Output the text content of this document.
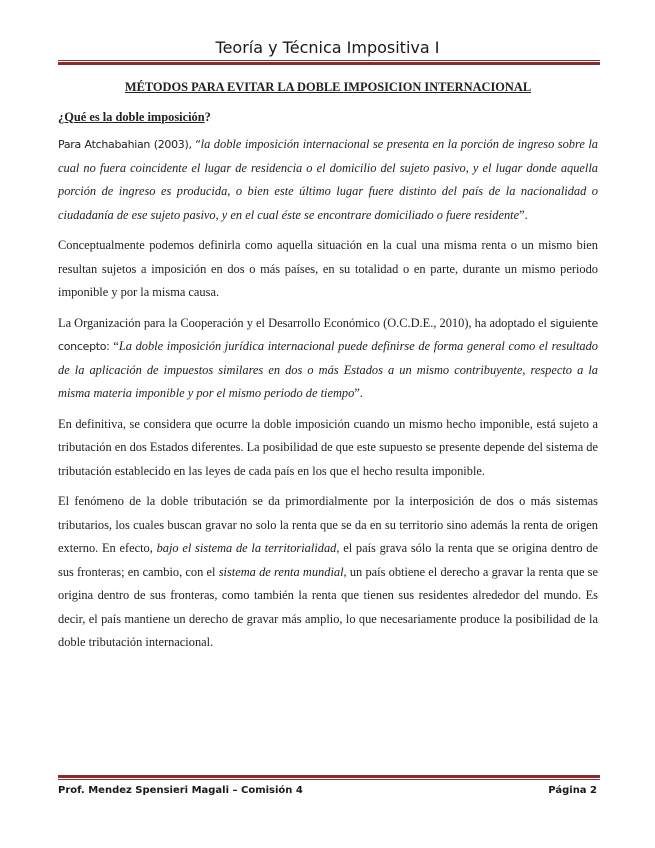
Teoría y Técnica Impositiva I
MÉTODOS PARA EVITAR LA DOBLE IMPOSICION INTERNACIONAL
¿Qué es la doble imposición?

Para Atchabahian (2003), “la doble imposición internacional se presenta en la porción de ingreso sobre la cual no fuera coincidente el lugar de residencia o el domicilio del sujeto pasivo, y el lugar donde aquella porción de ingreso es producida, o bien este último lugar fuere distinto del país de la nacionalidad o ciudadanía de ese sujeto pasivo, y en el cual éste se encontrare domiciliado o fuere residente”.

Conceptualmente podemos definirla como aquella situación en la cual una misma renta o un mismo bien resultan sujetos a imposición en dos o más países, en su totalidad o en parte, durante un mismo periodo imponible y por la misma causa.

La Organización para la Cooperación y el Desarrollo Económico (O.C.D.E., 2010), ha adoptado el siguiente concepto: “La doble imposición jurídica internacional puede definirse de forma general como el resultado de la aplicación de impuestos similares en dos o más Estados a un mismo contribuyente, respecto a la misma materia imponible y por el mismo periodo de tiempo”.

En definitiva, se considera que ocurre la doble imposición cuando un mismo hecho imponible, está sujeto a tributación en dos Estados diferentes. La posibilidad de que este supuesto se presente depende del sistema de tributación establecido en las leyes de cada país en los que el hecho resulta imponible.

El fenómeno de la doble tributación se da primordialmente por la interposición de dos o más sistemas tributarios, los cuales buscan gravar no solo la renta que se da en su territorio sino además la renta de origen externo. En efecto, bajo el sistema de la territorialidad, el país grava sólo la renta que se origina dentro de sus fronteras; en cambio, con el sistema de renta mundial, un país obtiene el derecho a gravar la renta que se origina dentro de sus fronteras, como también la renta que tienen sus residentes alrededor del mundo. Es decir, el país mantiene un derecho de gravar más amplio, lo que necesariamente produce la posibilidad de la doble tributación internacional.

Prof. Mendez Spensieri Magali – Comisión 4	Página 2
